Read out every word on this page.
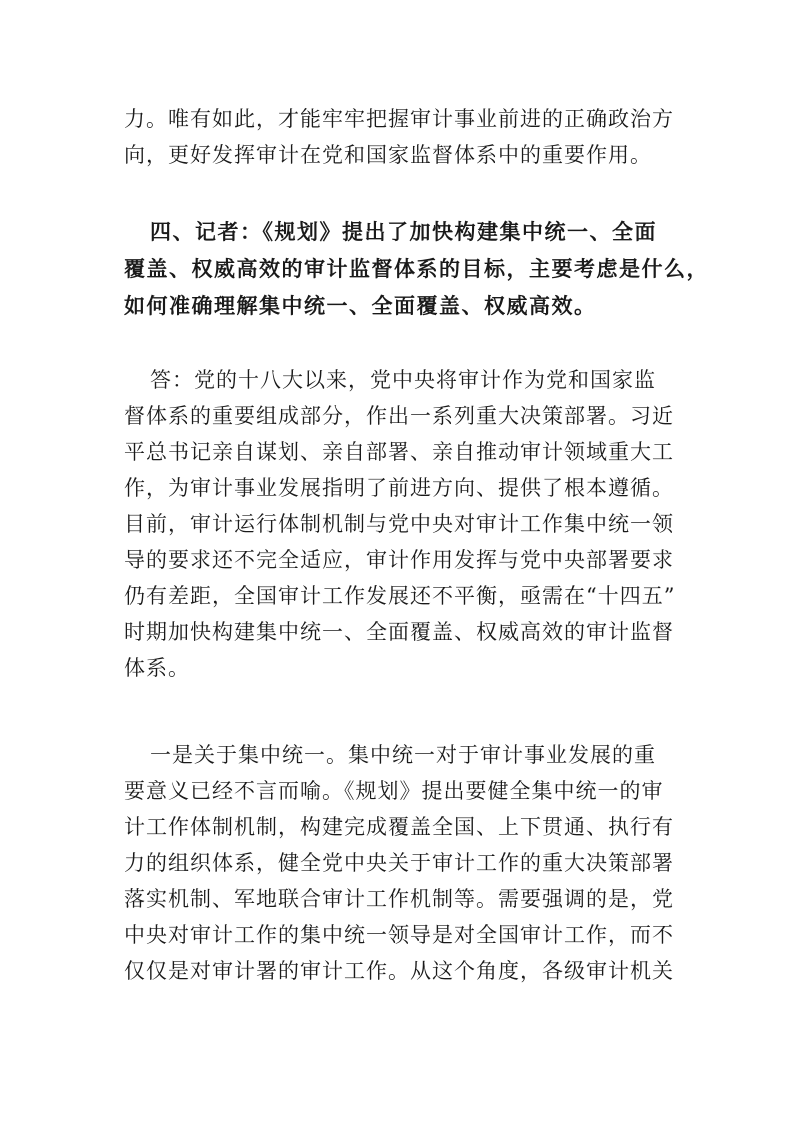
力。唯有如此，才能牢牢把握审计事业前进的正确政治方
向，更好发挥审计在党和国家监督体系中的重要作用。

四、记者：《规划》提出了加快构建集中统一、全面
覆盖、权威高效的审计监督体系的目标，主要考虑是什么，
如何准确理解集中统一、全面覆盖、权威高效。

答：党的十八大以来，党中央将审计作为党和国家监
督体系的重要组成部分，作出一系列重大决策部署。习近
平总书记亲自谋划、亲自部署、亲自推动审计领域重大工
作，为审计事业发展指明了前进方向、提供了根本遵循。
目前，审计运行体制机制与党中央对审计工作集中统一领
导的要求还不完全适应，审计作用发挥与党中央部署要求
仍有差距，全国审计工作发展还不平衡，亟需在“十四五”
时期加快构建集中统一、全面覆盖、权威高效的审计监督
体系。

一是关于集中统一。集中统一对于审计事业发展的重
要意义已经不言而喻。《规划》提出要健全集中统一的审
计工作体制机制，构建完成覆盖全国、上下贯通、执行有
力的组织体系，健全党中央关于审计工作的重大决策部署
落实机制、军地联合审计工作机制等。需要强调的是，党
中央对审计工作的集中统一领导是对全国审计工作，而不
仅仅是对审计署的审计工作。从这个角度，各级审计机关
